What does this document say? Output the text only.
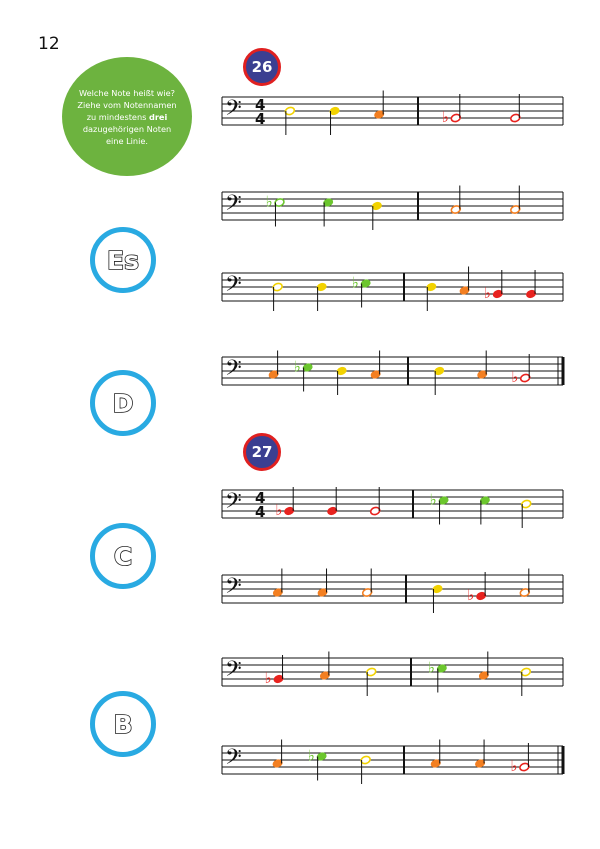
12
Welche Note heißt wie? Ziehe vom Notennamen zu mindestens drei dazugehörigen Noten eine Linie.
Es
D
C
B
26
27
𝄢 4
4	♭
𝄢 ♭
𝄢	♭
♭
𝄢	♭
♭
𝄢 4
4 ♭
♭
𝄢	♭
𝄢 ♭
♭
𝄢	♭
♭
